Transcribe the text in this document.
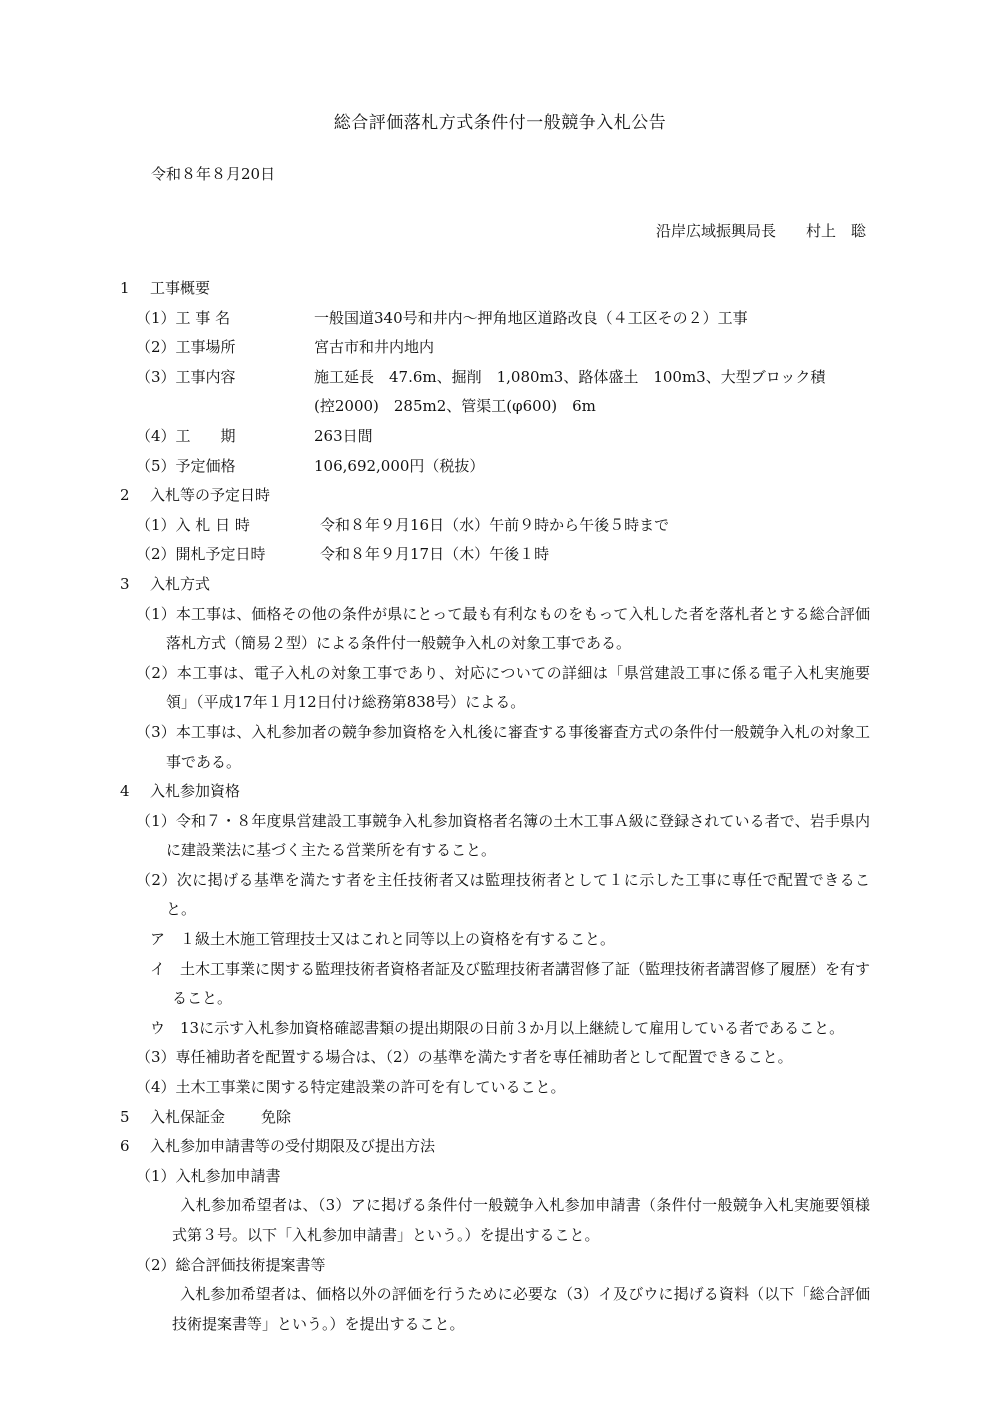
総合評価落札方式条件付一般競争入札公告
令和８年８月20日
沿岸広域振興局長　　村上　聡
1 工事概要
（1）工 事 名	一般国道340号和井内～押角地区道路改良（４工区その２）工事
（2）工事場所	宮古市和井内地内
（3）工事内容	施工延長　47.6m、掘削　1,080m3、路体盛土　100m3、大型ブロック積
(控2000)　285m2、管渠工(φ600)　6m
（4）工　　期	263日間
（5）予定価格	106,692,000円（税抜）
2 入札等の予定日時
（1）入 札 日 時	令和８年９月16日（水）午前９時から午後５時まで
（2）開札予定日時	令和８年９月17日（木）午後１時
3 入札方式
（1）本工事は、価格その他の条件が県にとって最も有利なものをもって入札した者を落札者とする総合評価落札方式（簡易２型）による条件付一般競争入札の対象工事である。
（2）本工事は、電子入札の対象工事であり、対応についての詳細は「県営建設工事に係る電子入札実施要領」（平成17年１月12日付け総務第838号）による。
（3）本工事は、入札参加者の競争参加資格を入札後に審査する事後審査方式の条件付一般競争入札の対象工事である。
4 入札参加資格
（1）令和７・８年度県営建設工事競争入札参加資格者名簿の土木工事Ａ級に登録されている者で、岩手県内に建設業法に基づく主たる営業所を有すること。
（2）次に掲げる基準を満たす者を主任技術者又は監理技術者として１に示した工事に専任で配置できること。
ア　１級土木施工管理技士又はこれと同等以上の資格を有すること。
イ　土木工事業に関する監理技術者資格者証及び監理技術者講習修了証（監理技術者講習修了履歴）を有すること。
ウ　13に示す入札参加資格確認書類の提出期限の日前３か月以上継続して雇用している者であること。
（3）専任補助者を配置する場合は、（2）の基準を満たす者を専任補助者として配置できること。
（4）土木工事業に関する特定建設業の許可を有していること。
5 入札保証金 免除
6 入札参加申請書等の受付期限及び提出方法
（1）入札参加申請書
入札参加希望者は、（3）アに掲げる条件付一般競争入札参加申請書（条件付一般競争入札実施要領様式第３号。以下「入札参加申請書」という。）を提出すること。
（2）総合評価技術提案書等
入札参加希望者は、価格以外の評価を行うために必要な（3）イ及びウに掲げる資料（以下「総合評価技術提案書等」という。）を提出すること。
